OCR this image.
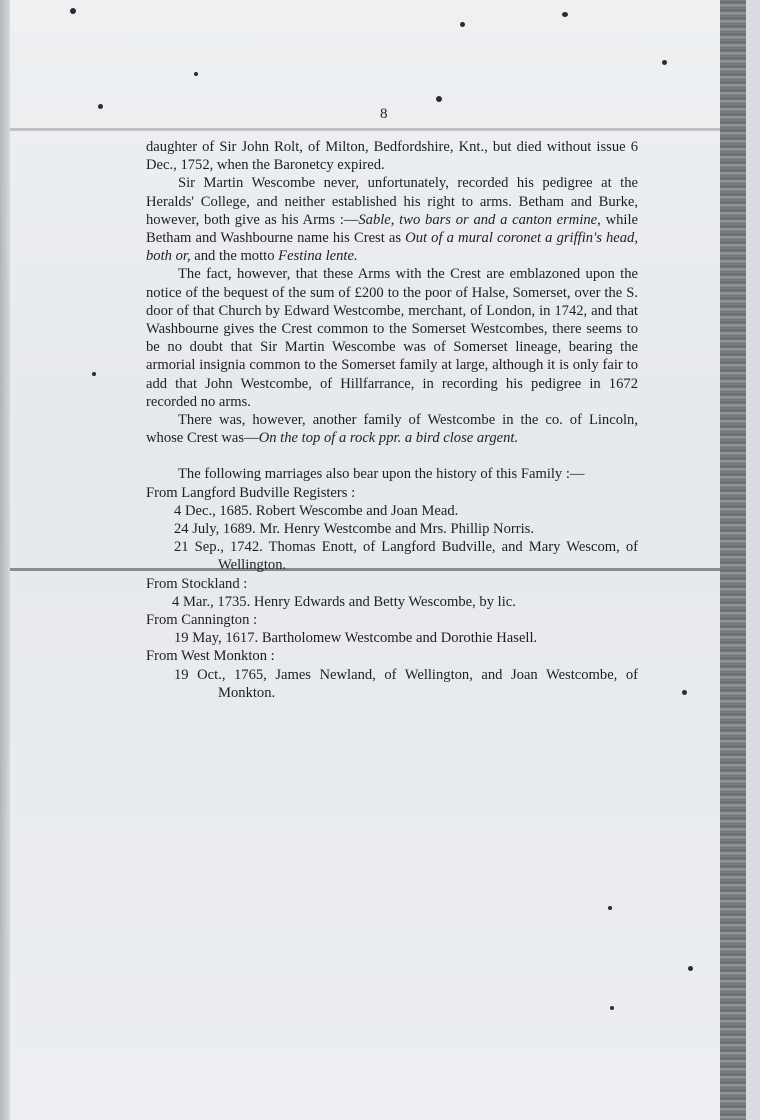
8

daughter of Sir John Rolt, of Milton, Bedfordshire, Knt., but died without issue 6 Dec., 1752, when the Baronetcy expired.

Sir Martin Wescombe never, unfortunately, recorded his pedigree at the Heralds' College, and neither established his right to arms. Betham and Burke, however, both give as his Arms :—Sable, two bars or and a canton ermine, while Betham and Washbourne name his Crest as Out of a mural coronet a griffin's head, both or, and the motto Festina lente.

The fact, however, that these Arms with the Crest are emblazoned upon the notice of the bequest of the sum of £200 to the poor of Halse, Somerset, over the S. door of that Church by Edward Westcombe, merchant, of London, in 1742, and that Washbourne gives the Crest common to the Somerset Westcombes, there seems to be no doubt that Sir Martin Wescombe was of Somerset lineage, bearing the armorial insignia common to the Somerset family at large, although it is only fair to add that John Westcombe, of Hillfarrance, in recording his pedigree in 1672 recorded no arms.

There was, however, another family of Westcombe in the co. of Lincoln, whose Crest was—On the top of a rock ppr. a bird close argent.

The following marriages also bear upon the history of this Family :—

From Langford Budville Registers :

4 Dec., 1685. Robert Wescombe and Joan Mead.

24 July, 1689. Mr. Henry Westcombe and Mrs. Phillip Norris.

21 Sep., 1742. Thomas Enott, of Langford Budville, and Mary Wescom, of Wellington.

From Stockland :

4 Mar., 1735. Henry Edwards and Betty Wescombe, by lic.

From Cannington :

19 May, 1617. Bartholomew Westcombe and Dorothie Hasell.

From West Monkton :

19 Oct., 1765, James Newland, of Wellington, and Joan Westcombe, of Monkton.
